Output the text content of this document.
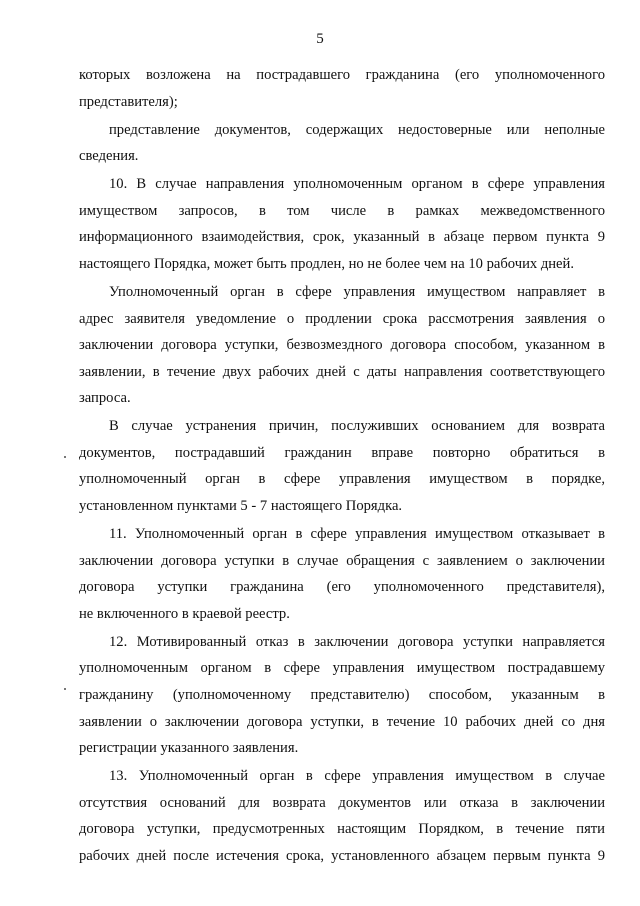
5
которых возложена на пострадавшего гражданина (его уполномоченного
представителя);
представление документов, содержащих недостоверные или неполные
сведения.
10. В случае направления уполномоченным органом в сфере управления
имуществом запросов, в том числе в рамках межведомственного
информационного взаимодействия, срок, указанный в абзаце первом пункта 9
настоящего Порядка, может быть продлен, но не более чем на 10 рабочих дней.
Уполномоченный орган в сфере управления имуществом направляет в
адрес заявителя уведомление о продлении срока рассмотрения заявления о
заключении договора уступки, безвозмездного договора способом, указанном в
заявлении, в течение двух рабочих дней с даты направления соответствующего
запроса.
В случае устранения причин, послуживших основанием для возврата
документов, пострадавший гражданин вправе повторно обратиться в
уполномоченный орган в сфере управления имуществом в порядке,
установленном пунктами 5 - 7 настоящего Порядка.
11. Уполномоченный орган в сфере управления имуществом отказывает в
заключении договора уступки в случае обращения с заявлением о заключении
договора уступки гражданина (его уполномоченного представителя),
не включенного в краевой реестр.
12. Мотивированный отказ в заключении договора уступки направляется
уполномоченным органом в сфере управления имуществом пострадавшему
гражданину (уполномоченному представителю) способом, указанным в
заявлении о заключении договора уступки, в течение 10 рабочих дней со дня
регистрации указанного заявления.
13. Уполномоченный орган в сфере управления имуществом в случае
отсутствия оснований для возврата документов или отказа в заключении
договора уступки, предусмотренных настоящим Порядком, в течение пяти
рабочих дней после истечения срока, установленного абзацем первым пункта 9
